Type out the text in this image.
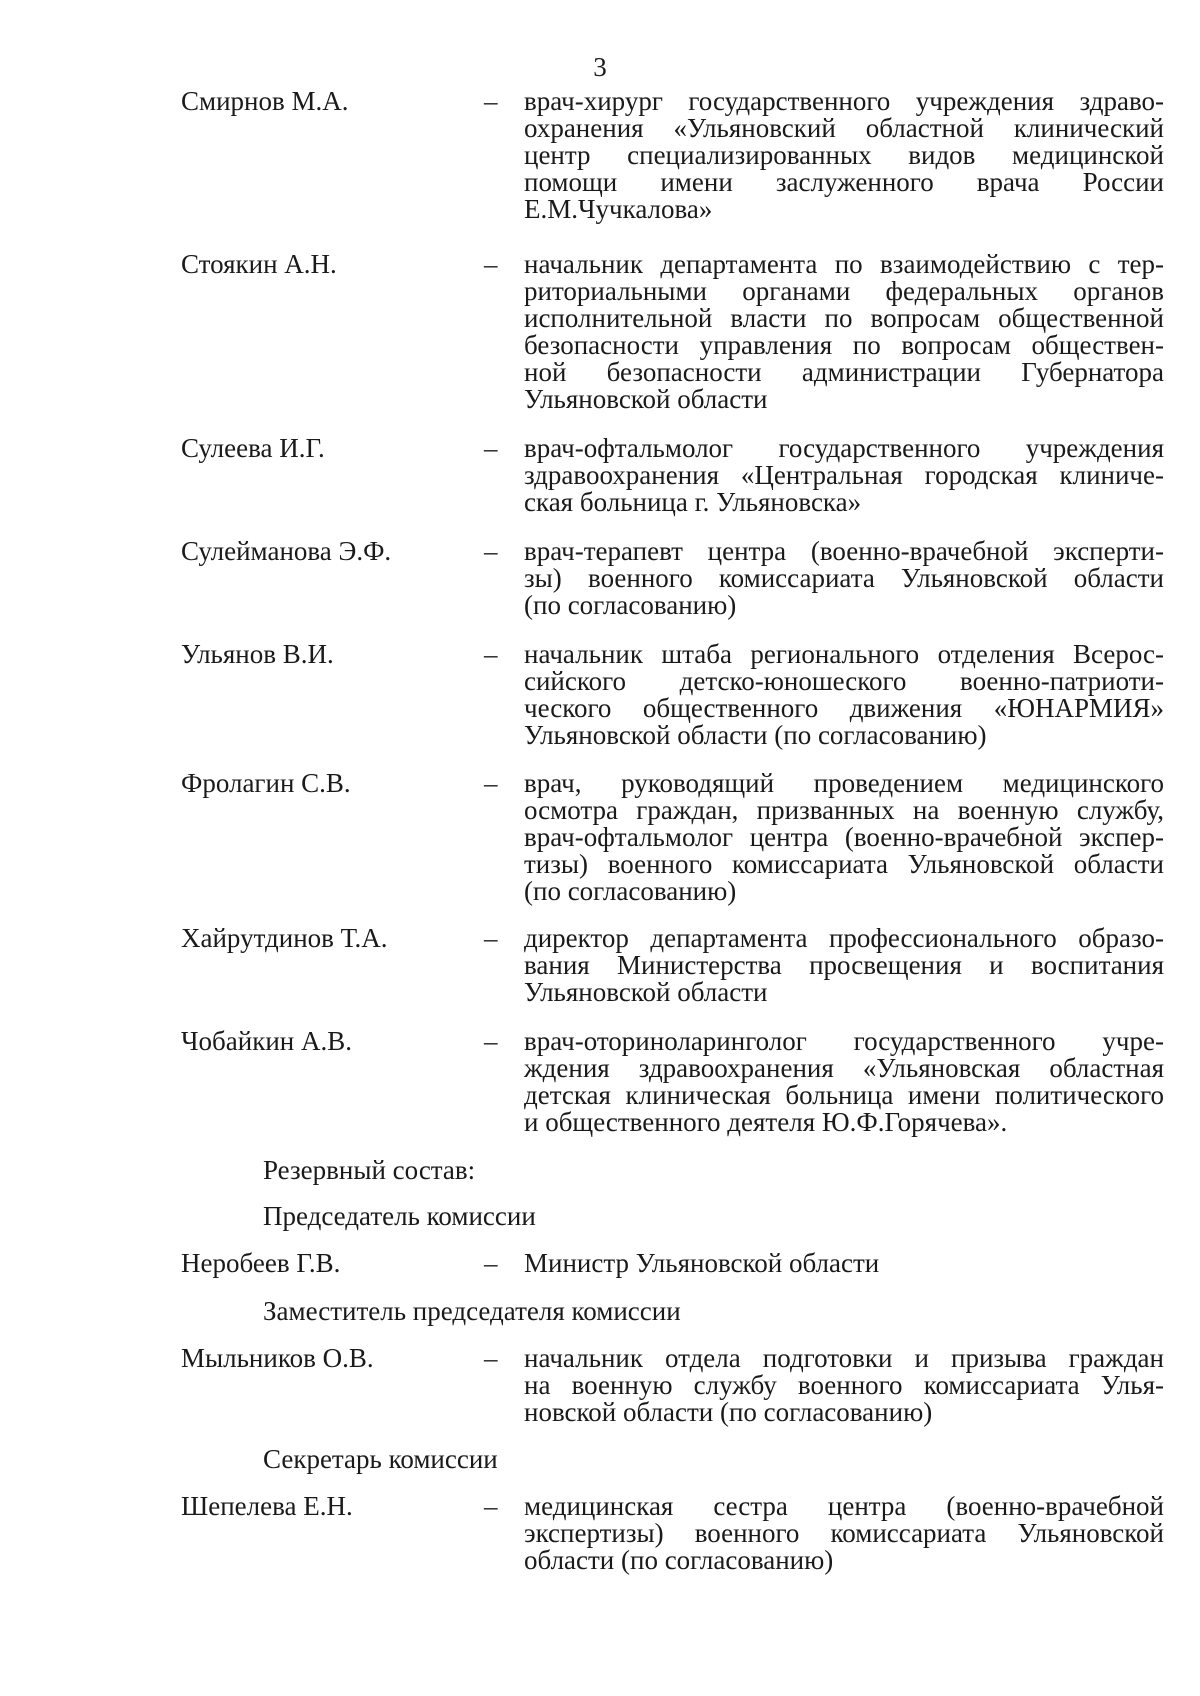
3
Смирнов М.А.	– врач-хирург государственного учреждения здраво-
охранения «Ульяновский областной клинический
центр специализированных видов медицинской
помощи имени заслуженного врача России
Е.М.Чучкалова»
Стоякин А.Н.	– начальник департамента по взаимодействию с тер-
риториальными органами федеральных органов
исполнительной власти по вопросам общественной
безопасности управления по вопросам обществен-
ной безопасности администрации Губернатора
Ульяновской области
Сулеева И.Г.	– врач-офтальмолог государственного учреждения
здравоохранения «Центральная городская клиниче-
ская больница г. Ульяновска»
Сулейманова Э.Ф.	– врач-терапевт центра (военно-врачебной эксперти-
зы) военного комиссариата Ульяновской области
(по согласованию)
Ульянов В.И.	– начальник штаба регионального отделения Всерос-
сийского детско-юношеского военно-патриоти-
ческого общественного движения «ЮНАРМИЯ»
Ульяновской области (по согласованию)
Фролагин С.В.	– врач, руководящий проведением медицинского
осмотра граждан, призванных на военную службу,
врач-офтальмолог центра (военно-врачебной экспер-
тизы) военного комиссариата Ульяновской области
(по согласованию)
Хайрутдинов Т.А.	– директор департамента профессионального образо-
вания Министерства просвещения и воспитания
Ульяновской области
Чобайкин А.В.	– врач-оториноларинголог государственного учре-
ждения здравоохранения «Ульяновская областная
детская клиническая больница имени политического
и общественного деятеля Ю.Ф.Горячева».
Резервный состав:
Председатель комиссии
Неробеев Г.В.	– Министр Ульяновской области
Заместитель председателя комиссии
Мыльников О.В.	– начальник отдела подготовки и призыва граждан
на военную службу военного комиссариата Улья-
новской области (по согласованию)
Секретарь комиссии
Шепелева Е.Н.	– медицинская сестра центра (военно-врачебной
экспертизы) военного комиссариата Ульяновской
области (по согласованию)
